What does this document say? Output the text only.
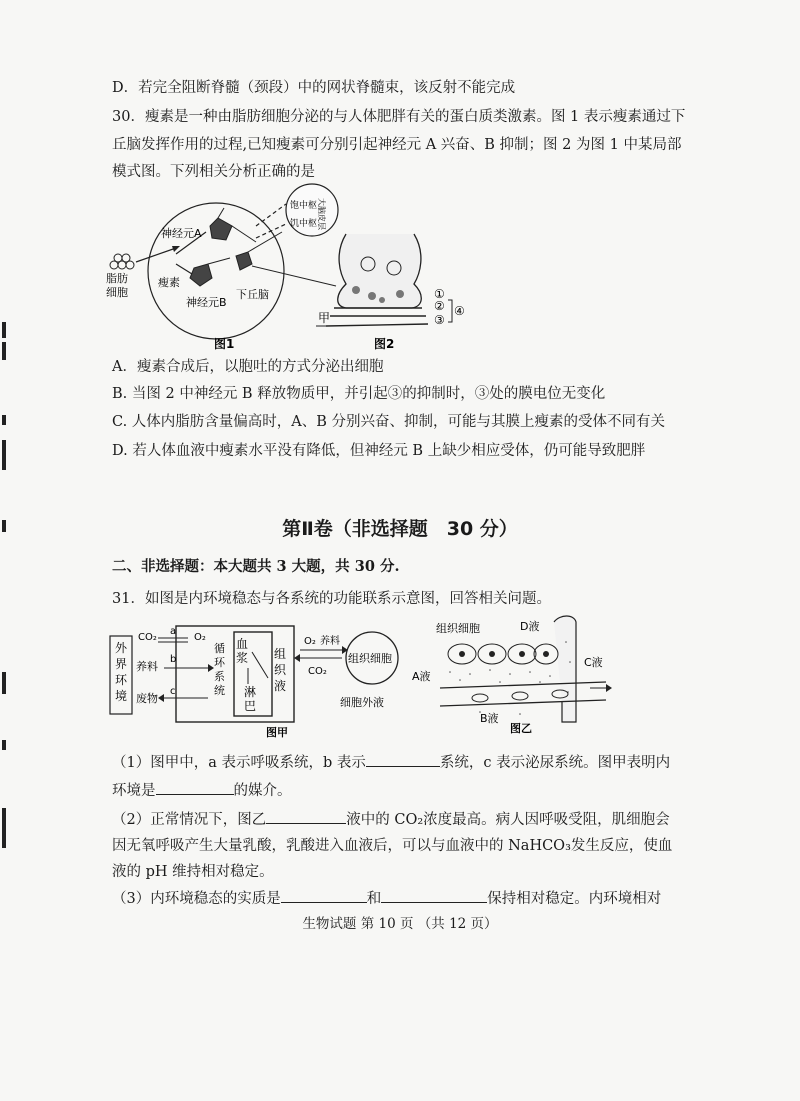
D．若完全阻断脊髓（颈段）中的网状脊髓束，该反射不能完成
30．瘦素是一种由脂肪细胞分泌的与人体肥胖有关的蛋白质类激素。图 1 表示瘦素通过下
丘脑发挥作用的过程,已知瘦素可分别引起神经元 A 兴奋、B 抑制；图 2 为图 1 中某局部
模式图。下列相关分析正确的是
神经元A
瘦素
神经元B
下丘脑
脂肪
细胞
饱中枢
饥中枢 大脑皮层
图1
①
②
③
④
甲
图2
A．瘦素合成后，以胞吐的方式分泌出细胞
B. 当图 2 中神经元 B 释放物质甲，并引起③的抑制时，③处的膜电位无变化
C. 人体内脂肪含量偏高时，A、B 分别兴奋、抑制，可能与其膜上瘦素的受体不同有关
D. 若人体血液中瘦素水平没有降低，但神经元 B 上缺少相应受体，仍可能导致肥胖
第Ⅱ卷（非选择题　30 分）
二、非选择题：本大题共 3 大题，共 30 分.
31．如图是内环境稳态与各系统的功能联系示意图，回答相关问题。
外
界
环
境
循
环
系
统
血
浆
淋
巴
组
织
液
CO₂	O₂
a
养料
b
废物
c
O₂ 养料
CO₂
组织细胞
细胞外液
图甲
组织细胞	D液
C液
A液
B液
图乙
（1）图甲中，a 表示呼吸系统，b 表示	系统，c 表示泌尿系统。图甲表明内
环境是	的媒介。
（2）正常情况下，图乙	液中的 CO₂浓度最高。病人因呼吸受阻，肌细胞会
因无氧呼吸产生大量乳酸，乳酸进入血液后，可以与血液中的 NaHCO₃发生反应，使血
液的 pH 维持相对稳定。
（3）内环境稳态的实质是	和	保持相对稳定。内环境相对
生物试题 第 10 页 （共 12 页）
